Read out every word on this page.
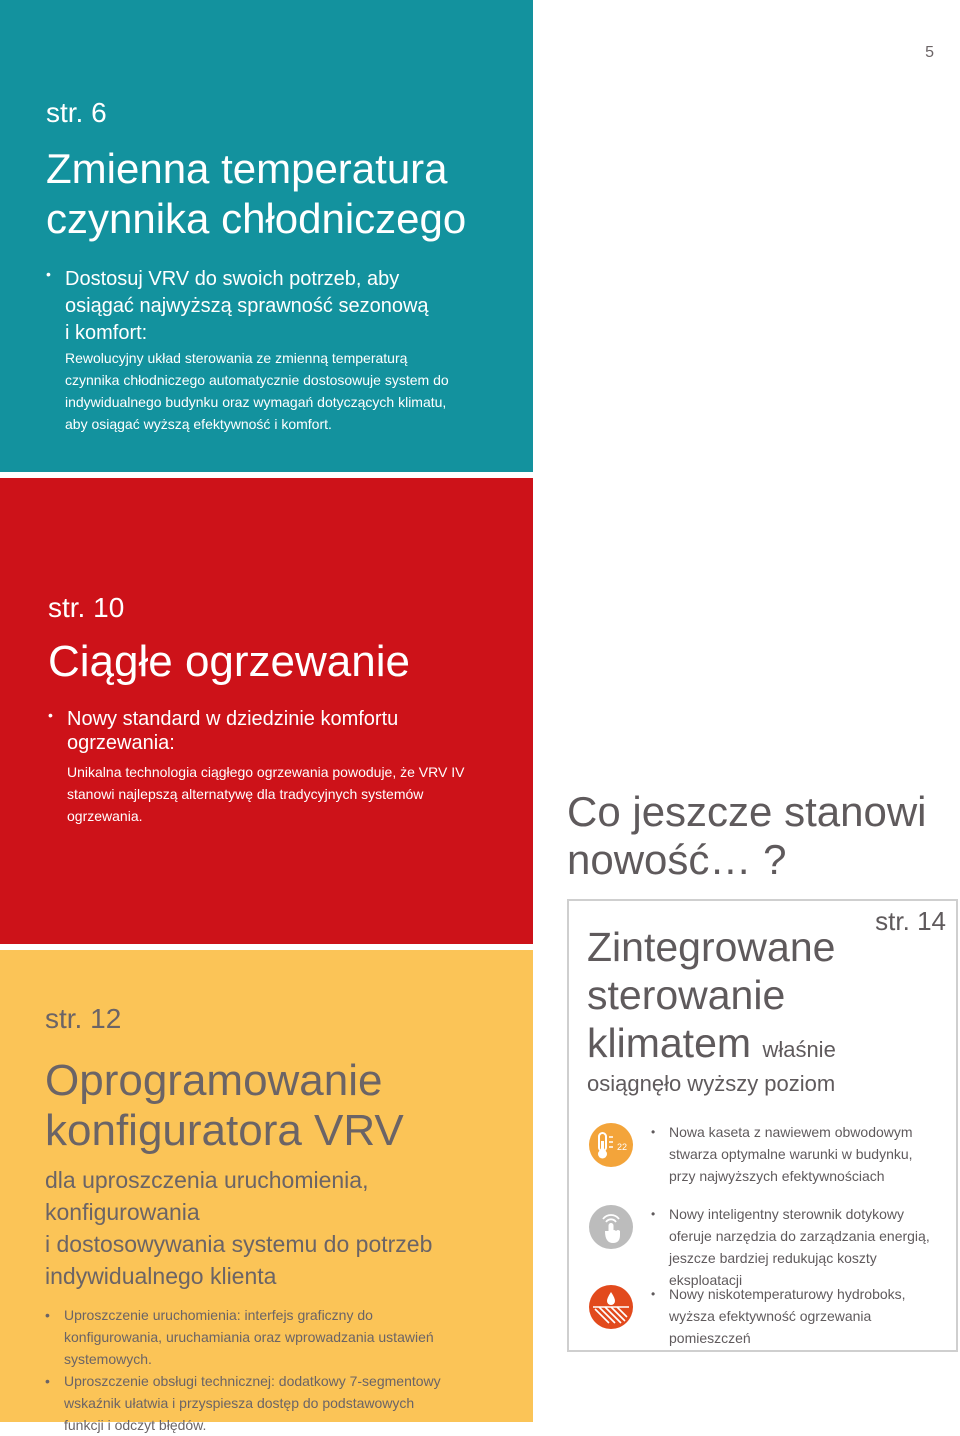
5
str. 6
Zmienna temperatura
czynnika chłodniczego
• Dostosuj VRV do swoich potrzeb, aby
osiągać najwyższą sprawność sezonową
i komfort:
Rewolucyjny układ sterowania ze zmienną temperaturą
czynnika chłodniczego automatycznie dostosowuje system do
indywidualnego budynku oraz wymagań dotyczących klimatu,
aby osiągać wyższą efektywność i komfort.
str. 10
Ciągłe ogrzewanie
• Nowy standard w dziedzinie komfortu
ogrzewania:
Unikalna technologia ciągłego ogrzewania powoduje, że VRV IV
stanowi najlepszą alternatywę dla tradycyjnych systemów
ogrzewania.
str. 12
Oprogramowanie
konfiguratora VRV
dla uproszczenia uruchomienia, konfigurowania
i dostosowywania systemu do potrzeb
indywidualnego klienta
• Uproszczenie uruchomienia: interfejs graficzny do
konfigurowania, uruchamiania oraz wprowadzania ustawień
systemowych.
• Uproszczenie obsługi technicznej: dodatkowy 7-segmentowy
wskaźnik ułatwia i przyspiesza dostęp do podstawowych
funkcji i odczyt błędów.
Co jeszcze stanowi
nowość… ?
str. 14
Zintegrowane
sterowanie
klimatem właśnie
osiągnęło wyższy poziom
22
• Nowa kaseta z nawiewem obwodowym
stwarza optymalne warunki w budynku,
przy najwyższych efektywnościach
• Nowy inteligentny sterownik dotykowy
oferuje narzędzia do zarządzania energią,
jeszcze bardziej redukując koszty eksploatacji
• Nowy niskotemperaturowy hydroboks,
wyższa efektywność ogrzewania
pomieszczeń
